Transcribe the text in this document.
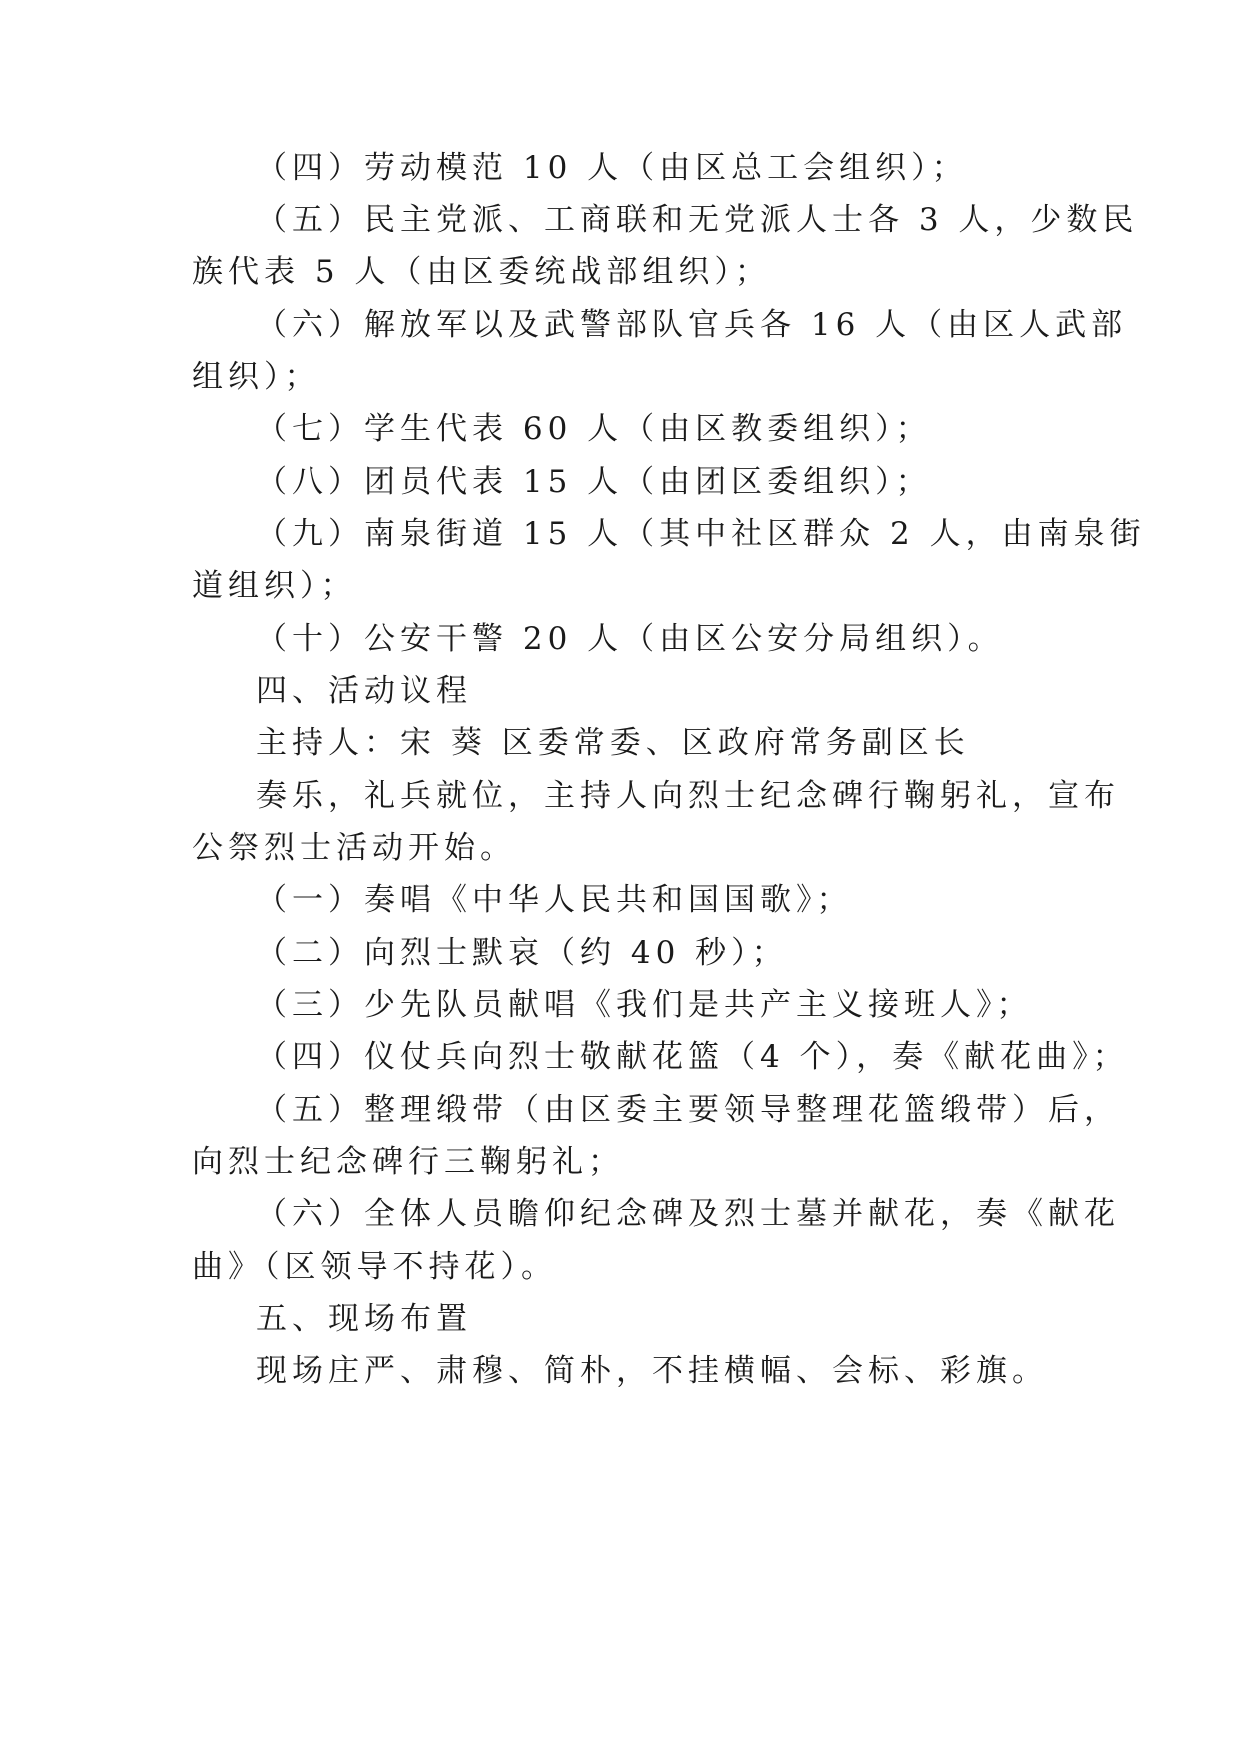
（四）劳动模范 10 人（由区总工会组织）；
（五）民主党派、工商联和无党派人士各 3 人，少数民
族代表 5 人（由区委统战部组织）；
（六）解放军以及武警部队官兵各 16 人（由区人武部
组织）；
（七）学生代表 60 人（由区教委组织）；
（八）团员代表 15 人（由团区委组织）；
（九）南泉街道 15 人（其中社区群众 2 人，由南泉街
道组织）；
（十）公安干警 20 人（由区公安分局组织）。
四、活动议程
主持人：宋 葵 区委常委、区政府常务副区长
奏乐，礼兵就位，主持人向烈士纪念碑行鞠躬礼，宣布
公祭烈士活动开始。
（一）奏唱《中华人民共和国国歌》；
（二）向烈士默哀（约 40 秒）；
（三）少先队员献唱《我们是共产主义接班人》；
（四）仪仗兵向烈士敬献花篮（4 个），奏《献花曲》；
（五）整理缎带（由区委主要领导整理花篮缎带）后，
向烈士纪念碑行三鞠躬礼；
（六）全体人员瞻仰纪念碑及烈士墓并献花，奏《献花
曲》（区领导不持花）。
五、现场布置
现场庄严、肃穆、简朴，不挂横幅、会标、彩旗。
